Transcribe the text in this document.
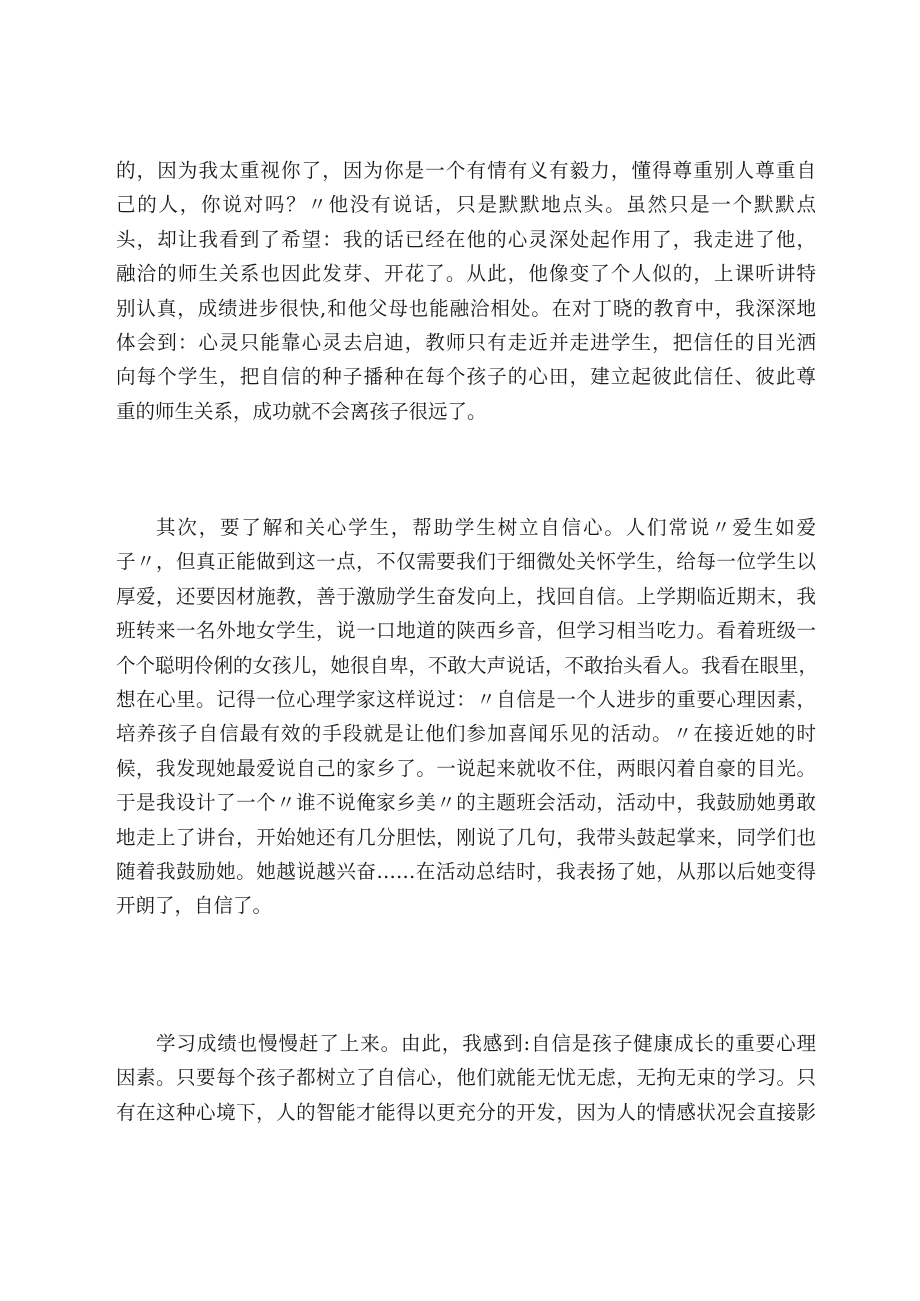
的，因为我太重视你了，因为你是一个有情有义有毅力，懂得尊重别人尊重自
己的人，你说对吗？〃他没有说话，只是默默地点头。虽然只是一个默默点
头，却让我看到了希望：我的话已经在他的心灵深处起作用了，我走进了他，
融洽的师生关系也因此发芽、开花了。从此，他像变了个人似的，上课听讲特
别认真，成绩进步很快,和他父母也能融洽相处。在对丁晓的教育中，我深深地
体会到：心灵只能靠心灵去启迪，教师只有走近并走进学生，把信任的目光洒
向每个学生，把自信的种子播种在每个孩子的心田，建立起彼此信任、彼此尊
重的师生关系，成功就不会离孩子很远了。
其次，要了解和关心学生，帮助学生树立自信心。人们常说〃爱生如爱
子〃，但真正能做到这一点，不仅需要我们于细微处关怀学生，给每一位学生以
厚爱，还要因材施教，善于激励学生奋发向上，找回自信。上学期临近期末，我
班转来一名外地女学生，说一口地道的陕西乡音，但学习相当吃力。看着班级一
个个聪明伶俐的女孩儿，她很自卑，不敢大声说话，不敢抬头看人。我看在眼里，
想在心里。记得一位心理学家这样说过：〃自信是一个人进步的重要心理因素，
培养孩子自信最有效的手段就是让他们参加喜闻乐见的活动。〃在接近她的时
候，我发现她最爱说自己的家乡了。一说起来就收不住，两眼闪着自豪的目光。
于是我设计了一个〃谁不说俺家乡美〃的主题班会活动，活动中，我鼓励她勇敢
地走上了讲台，开始她还有几分胆怯，刚说了几句，我带头鼓起掌来，同学们也
随着我鼓励她。她越说越兴奋……在活动总结时，我表扬了她，从那以后她变得
开朗了，自信了。
学习成绩也慢慢赶了上来。由此，我感到:自信是孩子健康成长的重要心理
因素。只要每个孩子都树立了自信心，他们就能无忧无虑，无拘无束的学习。只
有在这种心境下，人的智能才能得以更充分的开发，因为人的情感状况会直接影
